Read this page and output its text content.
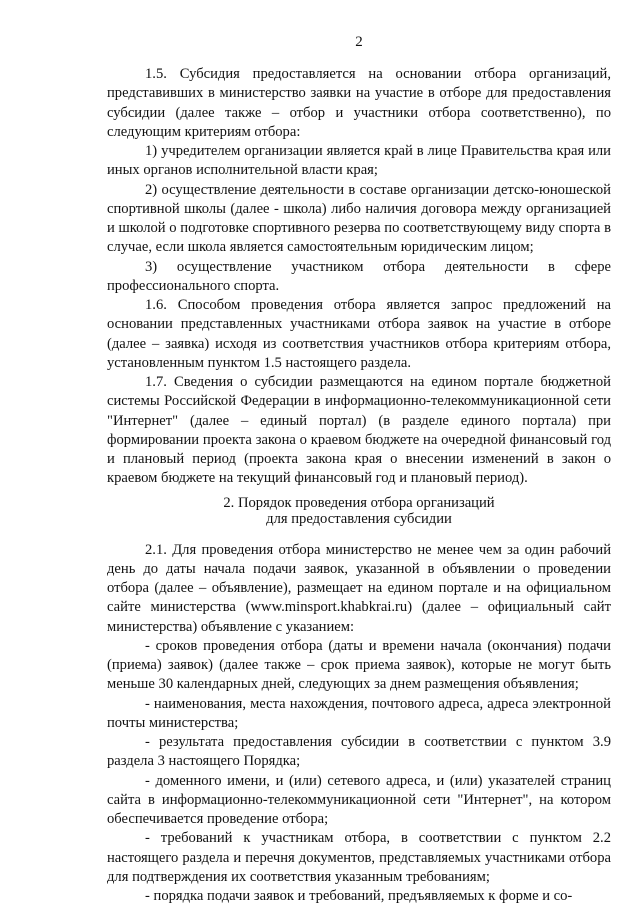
2

1.5. Субсидия предоставляется на основании отбора организаций, представивших в министерство заявки на участие в отборе для предоставления субсидии (далее также – отбор и участники отбора соответственно), по следующим критериям отбора:

1) учредителем организации является край в лице Правительства края или иных органов исполнительной власти края;

2) осуществление деятельности в составе организации детско-юношеской спортивной школы (далее - школа) либо наличия договора между организацией и школой о подготовке спортивного резерва по соответствующему виду спорта в случае, если школа является самостоятельным юридическим лицом;

3) осуществление участником отбора деятельности в сфере профессионального спорта.

1.6. Способом проведения отбора является запрос предложений на основании представленных участниками отбора заявок на участие в отборе (далее – заявка) исходя из соответствия участников отбора критериям отбора, установленным пунктом 1.5 настоящего раздела.

1.7. Сведения о субсидии размещаются на едином портале бюджетной системы Российской Федерации в информационно-телекоммуникационной сети "Интернет" (далее – единый портал) (в разделе единого портала) при формировании проекта закона о краевом бюджете на очередной финансовый год и плановый период (проекта закона края о внесении изменений в закон о краевом бюджете на текущий финансовый год и плановый период).

2. Порядок проведения отбора организаций
для предоставления субсидии

2.1. Для проведения отбора министерство не менее чем за один рабочий день до даты начала подачи заявок, указанной в объявлении о проведении отбора (далее – объявление), размещает на едином портале и на официальном сайте министерства (www.minsport.khabkrai.ru) (далее – официальный сайт министерства) объявление с указанием:

- сроков проведения отбора (даты и времени начала (окончания) подачи (приема) заявок) (далее также – срок приема заявок), которые не могут быть меньше 30 календарных дней, следующих за днем размещения объявления;

- наименования, места нахождения, почтового адреса, адреса электронной почты министерства;

- результата предоставления субсидии в соответствии с пунктом 3.9 раздела 3 настоящего Порядка;

- доменного имени, и (или) сетевого адреса, и (или) указателей страниц сайта в информационно-телекоммуникационной сети "Интернет", на котором обеспечивается проведение отбора;

- требований к участникам отбора, в соответствии с пунктом 2.2 настоящего раздела и перечня документов, представляемых участниками отбора для подтверждения их соответствия указанным требованиям;

- порядка подачи заявок и требований, предъявляемых к форме и со-
